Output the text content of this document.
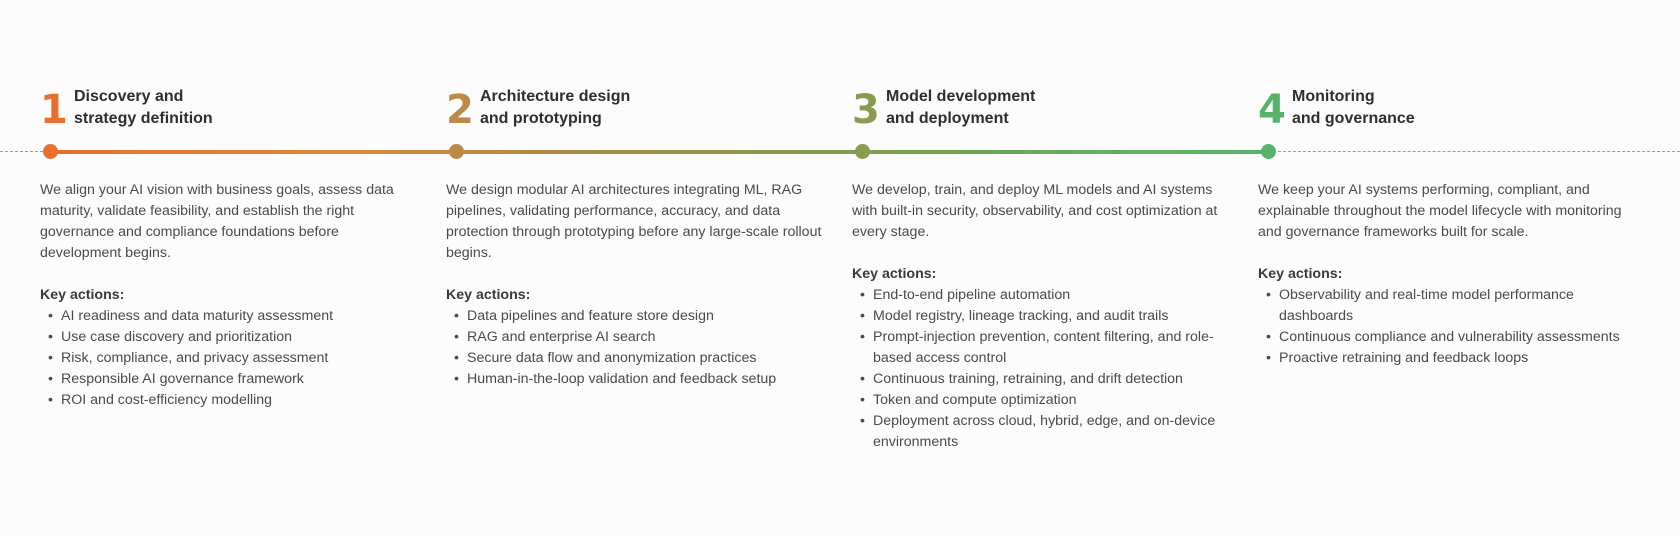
1 Discovery and
strategy definition

We align your AI vision with business goals, assess data maturity, validate feasibility, and establish the right governance and compliance foundations before development begins.

Key actions:
• AI readiness and data maturity assessment
• Use case discovery and prioritization
• Risk, compliance, and privacy assessment
• Responsible AI governance framework
• ROI and cost-efficiency modelling
2 Architecture design
and prototyping

We design modular AI architectures integrating ML, RAG pipelines, validating performance, accuracy, and data protection through prototyping before any large-scale rollout begins.

Key actions:
• Data pipelines and feature store design
• RAG and enterprise AI search
• Secure data flow and anonymization practices
• Human-in-the-loop validation and feedback setup
3 Model development
and deployment

We develop, train, and deploy ML models and AI systems with built-in security, observability, and cost optimization at every stage.

Key actions:
• End-to-end pipeline automation
• Model registry, lineage tracking, and audit trails
• Prompt-injection prevention, content filtering, and role-based access control
• Continuous training, retraining, and drift detection
• Token and compute optimization
• Deployment across cloud, hybrid, edge, and on-device environments
4 Monitoring
and governance

We keep your AI systems performing, compliant, and explainable throughout the model lifecycle with monitoring and governance frameworks built for scale.

Key actions:
• Observability and real-time model performance dashboards
• Continuous compliance and vulnerability assessments
• Proactive retraining and feedback loops
